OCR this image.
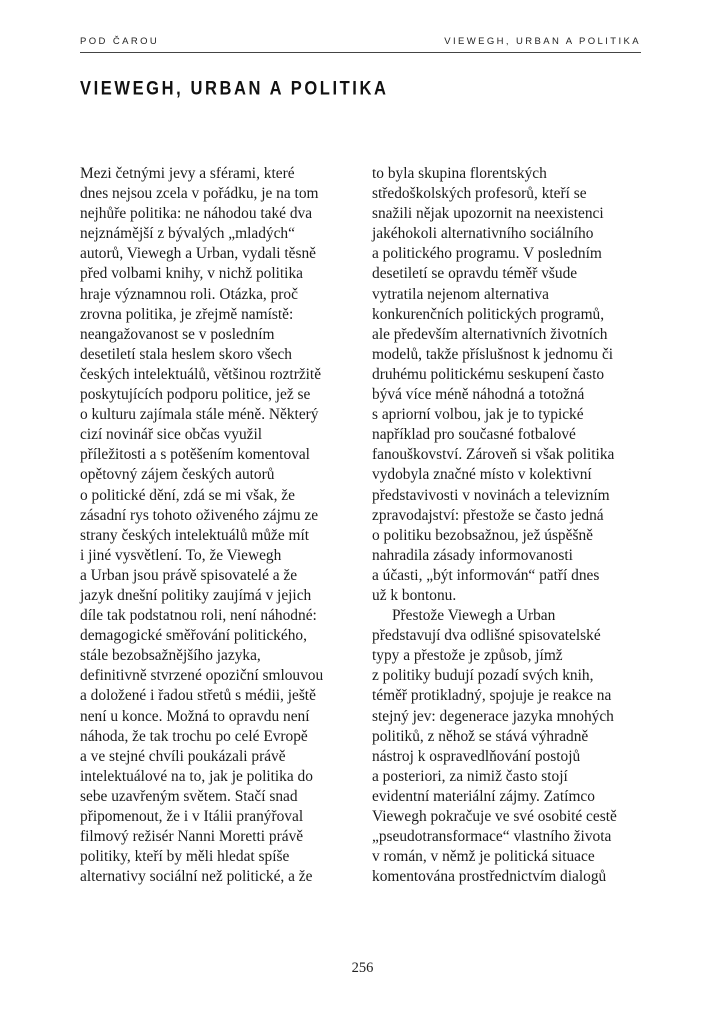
POD ČAROU	VIEWEGH, URBAN A POLITIKA
VIEWEGH, URBAN A POLITIKA
Mezi četnými jevy a sférami, které
dnes nejsou zcela v pořádku, je na tom
nejhůře politika: ne náhodou také dva
nejznámější z bývalých „mladých“
autorů, Viewegh a Urban, vydali těsně
před volbami knihy, v nichž politika
hraje významnou roli. Otázka, proč
zrovna politika, je zřejmě namístě:
neangažovanost se v posledním
desetiletí stala heslem skoro všech
českých intelektuálů, většinou roztržitě
poskytujících podporu politice, jež se
o kulturu zajímala stále méně. Některý
cizí novinář sice občas využil
příležitosti a s potěšením komentoval
opětovný zájem českých autorů
o politické dění, zdá se mi však, že
zásadní rys tohoto oživeného zájmu ze
strany českých intelektuálů může mít
i jiné vysvětlení. To, že Viewegh
a Urban jsou právě spisovatelé a že
jazyk dnešní politiky zaujímá v jejich
díle tak podstatnou roli, není náhodné:
demagogické směřování politického,
stále bezobsažnějšího jazyka,
definitivně stvrzené opoziční smlouvou
a doložené i řadou střetů s médii, ještě
není u konce. Možná to opravdu není
náhoda, že tak trochu po celé Evropě
a ve stejné chvíli poukázali právě
intelektuálové na to, jak je politika do
sebe uzavřeným světem. Stačí snad
připomenout, že i v Itálii pranýřoval
filmový režisér Nanni Moretti právě
politiky, kteří by měli hledat spíše
alternativy sociální než politické, a že
to byla skupina florentských
středoškolských profesorů, kteří se
snažili nějak upozornit na neexistenci
jakéhokoli alternativního sociálního
a politického programu. V posledním
desetiletí se opravdu téměř všude
vytratila nejenom alternativa
konkurenčních politických programů,
ale především alternativních životních
modelů, takže příslušnost k jednomu či
druhému politickému seskupení často
bývá více méně náhodná a totožná
s apriorní volbou, jak je to typické
například pro současné fotbalové
fanouškovství. Zároveň si však politika
vydobyla značné místo v kolektivní
představivosti v novinách a televizním
zpravodajství: přestože se často jedná
o politiku bezobsažnou, jež úspěšně
nahradila zásady informovanosti
a účasti, „být informován“ patří dnes
už k bontonu.
Přestože Viewegh a Urban
představují dva odlišné spisovatelské
typy a přestože je způsob, jímž
z politiky budují pozadí svých knih,
téměř protikladný, spojuje je reakce na
stejný jev: degenerace jazyka mnohých
politiků, z něhož se stává výhradně
nástroj k ospravedlňování postojů
a posteriori, za nimiž často stojí
evidentní materiální zájmy. Zatímco
Viewegh pokračuje ve své osobité cestě
„pseudotransformace“ vlastního života
v román, v němž je politická situace
komentována prostřednictvím dialogů
256
